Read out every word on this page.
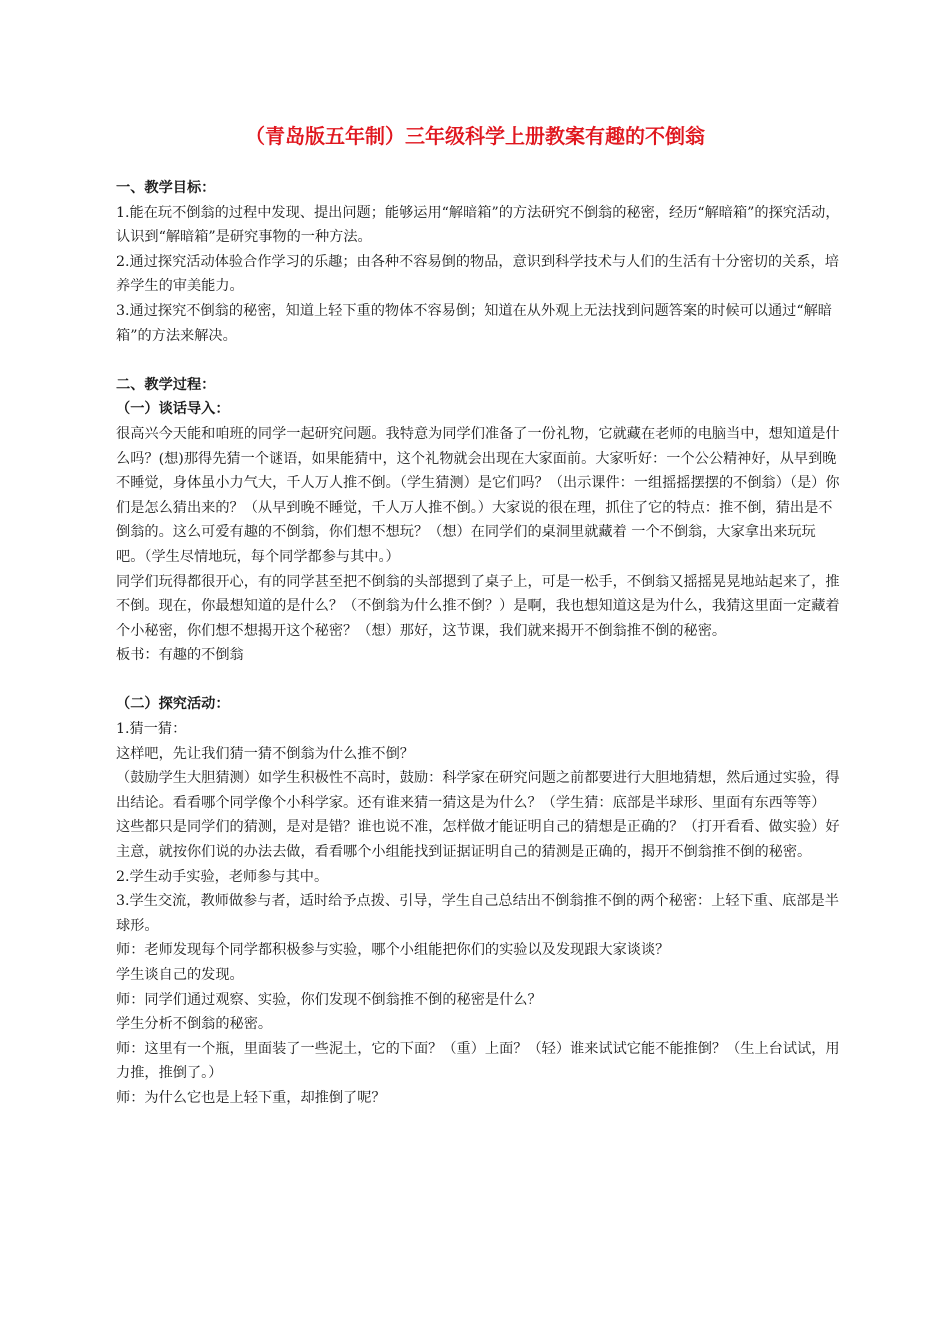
（青岛版五年制）三年级科学上册教案有趣的不倒翁

一、教学目标：

1.能在玩不倒翁的过程中发现、提出问题；能够运用“解暗箱”的方法研究不倒翁的秘密，经历“解暗箱”的探究活动，认识到“解暗箱”是研究事物的一种方法。

2.通过探究活动体验合作学习的乐趣；由各种不容易倒的物品，意识到科学技术与人们的生活有十分密切的关系，培养学生的审美能力。

3.通过探究不倒翁的秘密，知道上轻下重的物体不容易倒；知道在从外观上无法找到问题答案的时候可以通过“解暗箱”的方法来解决。

二、教学过程：

（一）谈话导入：

很高兴今天能和咱班的同学一起研究问题。我特意为同学们准备了一份礼物，它就藏在老师的电脑当中，想知道是什么吗？(想)那得先猜一个谜语，如果能猜中，这个礼物就会出现在大家面前。大家听好：一个公公精神好，从早到晚不睡觉，身体虽小力气大，千人万人推不倒。（学生猜测）是它们吗？（出示课件：一组摇摇摆摆的不倒翁）（是）你们是怎么猜出来的？（从早到晚不睡觉，千人万人推不倒。）大家说的很在理，抓住了它的特点：推不倒，猜出是不倒翁的。这么可爱有趣的不倒翁，你们想不想玩？（想）在同学们的桌洞里就藏着 一个不倒翁，大家拿出来玩玩吧。（学生尽情地玩，每个同学都参与其中。）

同学们玩得都很开心，有的同学甚至把不倒翁的头部摁到了桌子上，可是一松手，不倒翁又摇摇晃晃地站起来了，推不倒。现在，你最想知道的是什么？（不倒翁为什么推不倒？）是啊，我也想知道这是为什么，我猜这里面一定藏着个小秘密，你们想不想揭开这个秘密？（想）那好，这节课，我们就来揭开不倒翁推不倒的秘密。

板书：有趣的不倒翁

（二）探究活动：

1.猜一猜：

这样吧，先让我们猜一猜不倒翁为什么推不倒？

（鼓励学生大胆猜测）如学生积极性不高时，鼓励：科学家在研究问题之前都要进行大胆地猜想，然后通过实验，得出结论。看看哪个同学像个小科学家。还有谁来猜一猜这是为什么？（学生猜：底部是半球形、里面有东西等等）

这些都只是同学们的猜测，是对是错？谁也说不准，怎样做才能证明自己的猜想是正确的？（打开看看、做实验）好主意，就按你们说的办法去做，看看哪个小组能找到证据证明自己的猜测是正确的，揭开不倒翁推不倒的秘密。

2.学生动手实验，老师参与其中。

3.学生交流，教师做参与者，适时给予点拨、引导，学生自己总结出不倒翁推不倒的两个秘密：上轻下重、底部是半球形。

师：老师发现每个同学都积极参与实验，哪个小组能把你们的实验以及发现跟大家谈谈？

学生谈自己的发现。

师：同学们通过观察、实验，你们发现不倒翁推不倒的秘密是什么？

学生分析不倒翁的秘密。

师：这里有一个瓶，里面装了一些泥土，它的下面？（重）上面？（轻）谁来试试它能不能推倒？（生上台试试，用力推，推倒了。）

师：为什么它也是上轻下重，却推倒了呢？
